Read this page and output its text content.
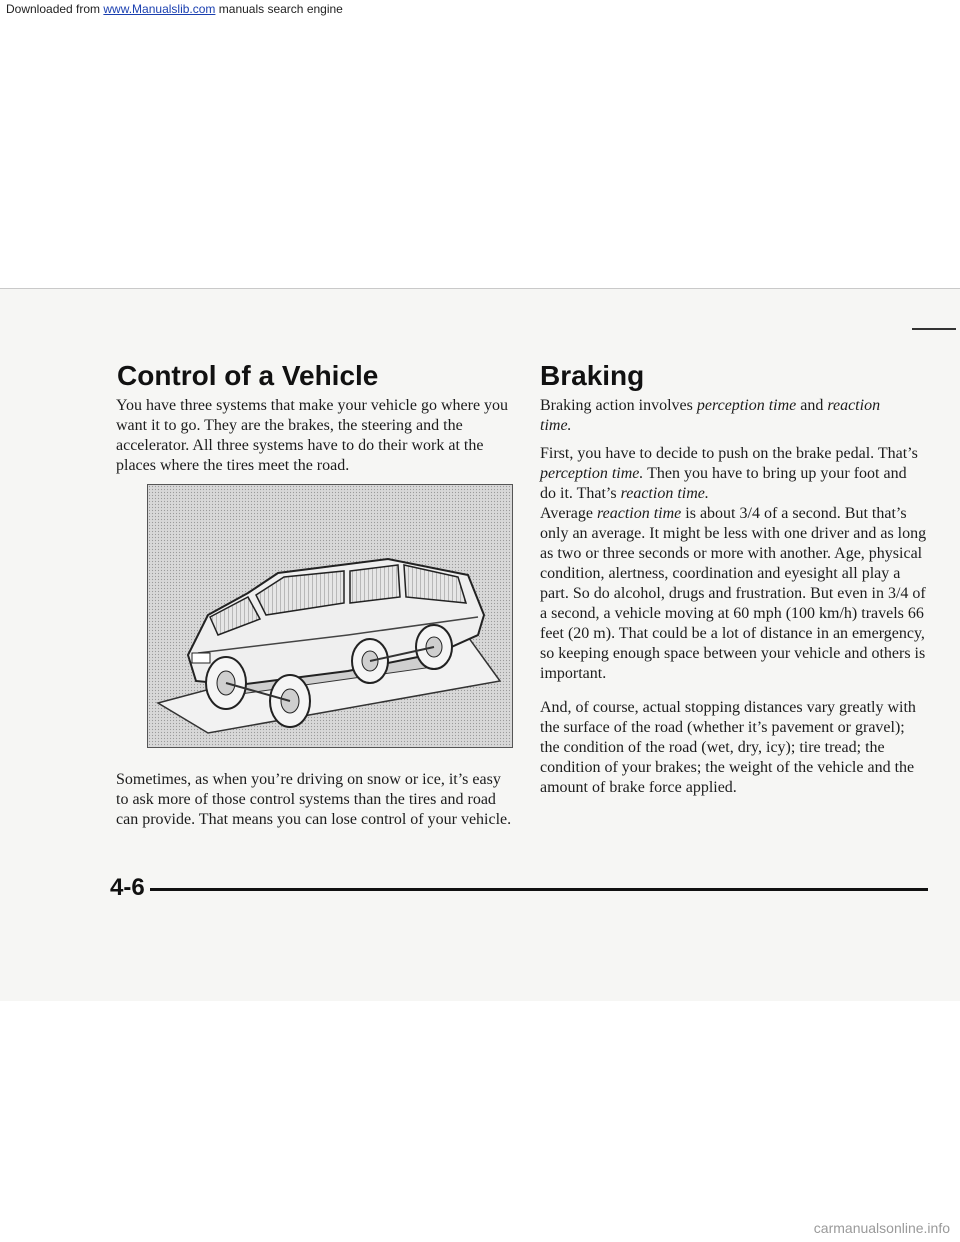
Downloaded from www.Manualslib.com manuals search engine
Control of a Vehicle

You have three systems that make your vehicle go where you want it to go. They are the brakes, the steering and the accelerator. All three systems have to do their work at the places where the tires meet the road.

Sometimes, as when you’re driving on snow or ice, it’s easy to ask more of those control systems than the tires and road can provide. That means you can lose control of your vehicle.

Braking

Braking action involves perception time and reaction time.

First, you have to decide to push on the brake pedal. That’s perception time. Then you have to bring up your foot and do it. That’s reaction time.

Average reaction time is about 3/4 of a second. But that’s only an average. It might be less with one driver and as long as two or three seconds or more with another. Age, physical condition, alertness, coordination and eyesight all play a part. So do alcohol, drugs and frustration. But even in 3/4 of a second, a vehicle moving at 60 mph (100 km/h) travels 66 feet (20 m). That could be a lot of distance in an emergency, so keeping enough space between your vehicle and others is important.

And, of course, actual stopping distances vary greatly with the surface of the road (whether it’s pavement or gravel); the condition of the road (wet, dry, icy); tire tread; the condition of your brakes; the weight of the vehicle and the amount of brake force applied.

4-6
carmanualsonline.info
